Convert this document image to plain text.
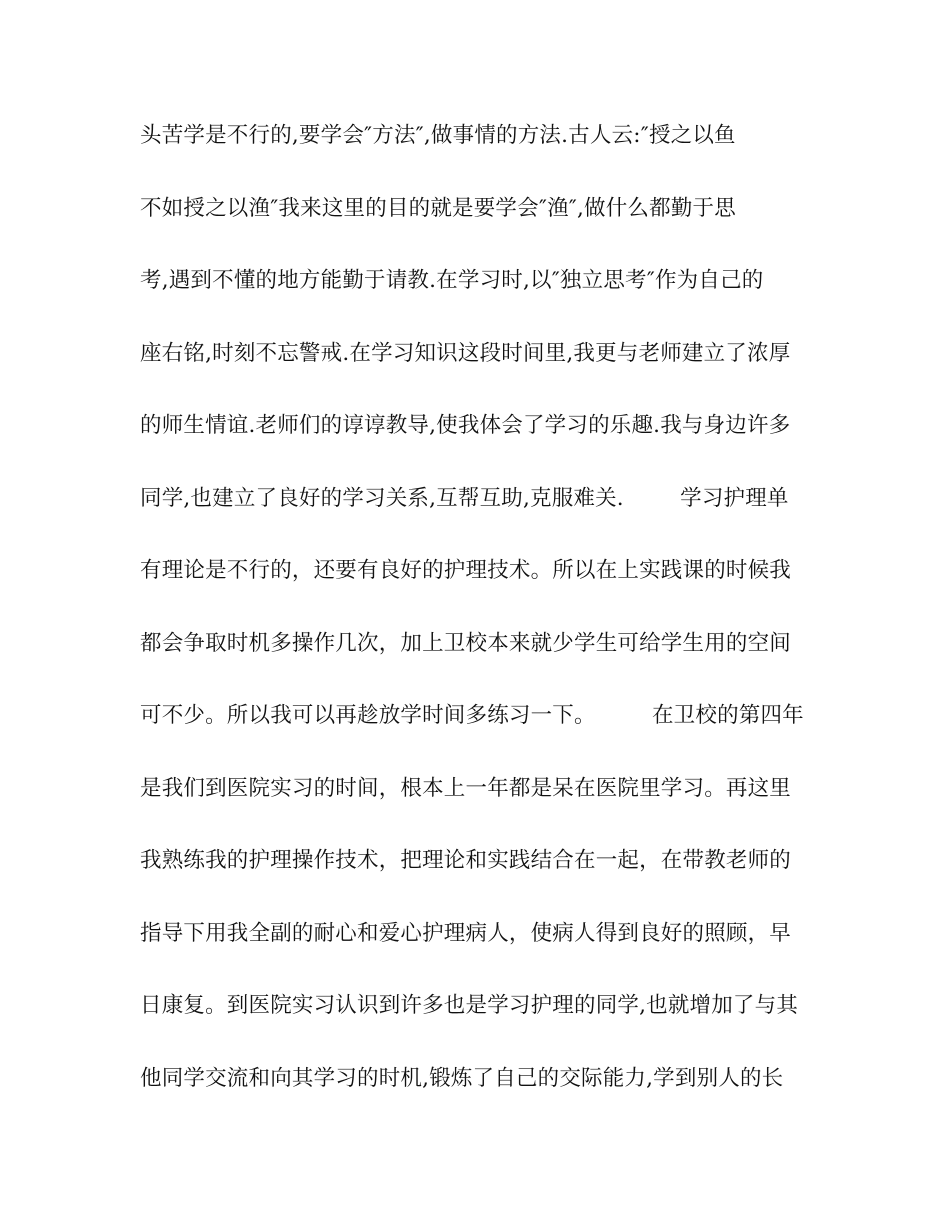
头苦学是不行的,要学会″方法″,做事情的方法.古人云:″授之以鱼
不如授之以渔″我来这里的目的就是要学会″渔″,做什么都勤于思
考,遇到不懂的地方能勤于请教.在学习时,以″独立思考″作为自己的
座右铭,时刻不忘警戒.在学习知识这段时间里,我更与老师建立了浓厚
的师生情谊.老师们的谆谆教导,使我体会了学习的乐趣.我与身边许多
同学,也建立了良好的学习关系,互帮互助,克服难关.        学习护理单
有理论是不行的，还要有良好的护理技术。所以在上实践课的时候我
都会争取时机多操作几次，加上卫校本来就少学生可给学生用的空间
可不少。所以我可以再趁放学时间多练习一下。        在卫校的第四年
是我们到医院实习的时间，根本上一年都是呆在医院里学习。再这里
我熟练我的护理操作技术，把理论和实践结合在一起，在带教老师的
指导下用我全副的耐心和爱心护理病人，使病人得到良好的照顾，早
日康复。到医院实习认识到许多也是学习护理的同学,也就增加了与其
他同学交流和向其学习的时机,锻炼了自己的交际能力,学到别人的长
